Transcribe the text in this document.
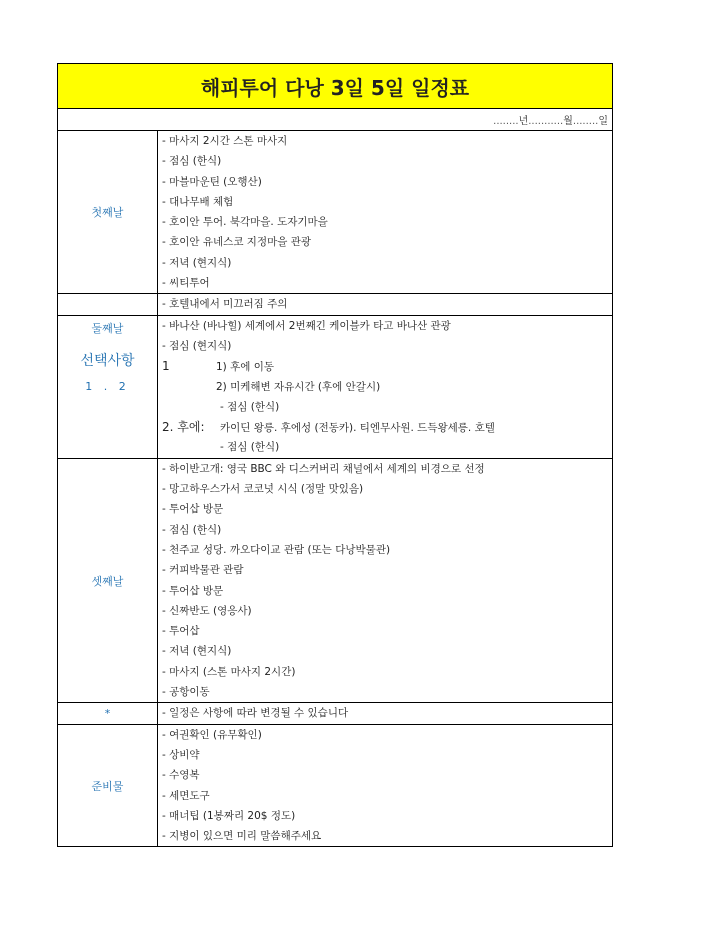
해피투어 다낭 3일 5일 일정표
........ 년 ........... 월 ........ 일
첫째날
- 마사지 2시간 스톤 마사지
- 점심 (한식)
- 마블마운틴 (오행산)
- 대나무배 체험
- 호이안 투어. 북각마을. 도자기마을
- 호이안 유네스코 지정마을 관광
- 저녁 (현지식)
- 씨티투어
- 호텔내에서 미끄러짐 주의
둘째날
선택사항
1 . 2
- 바나산 (바나힐) 세계에서 2번째긴 케이블카 타고 바나산 관광
- 점심 (현지식)
1	1) 후에 이동
2) 미케해변 자유시간 (후에 안갈시)
- 점심 (한식)
2. 후에: 카이딘 왕릉. 후에성 (전동카). 티엔무사원. 드득왕세릉. 호텔
- 점심 (한식)
셋째날
- 하이반고개: 영국 BBC 와 디스커버리 채널에서 세계의 비경으로 선정
- 망고하우스가서 코코넛 시식 (정말 맛있음)
- 투어삽 방문
- 점심 (한식)
- 천주교 성당. 까오다이교 관람 (또는 다낭박물관)
- 커피박물관 관람
- 투어삽 방문
- 신짜반도 (영응사)
- 투어삽
- 저녁 (현지식)
- 마사지 (스톤 마사지 2시간)
- 공항이동
*	- 일정은 사항에 따라 변경될 수 있습니다
준비물
- 여권확인 (유무확인)
- 상비약
- 수영복
- 세면도구
- 매너팁 (1봉짜리 20$ 정도)
- 지병이 있으면 미리 말씀해주세요
